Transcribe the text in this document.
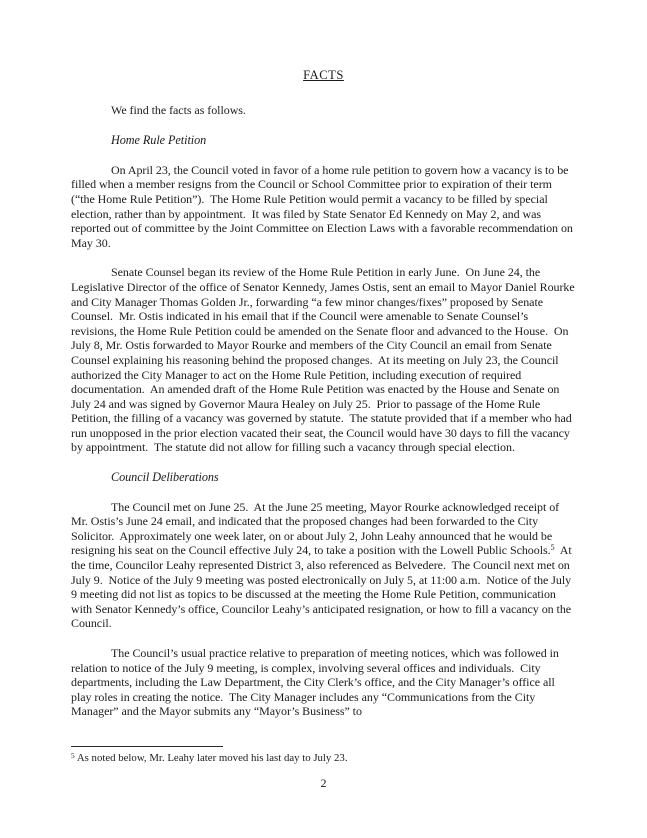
FACTS

We find the facts as follows.

Home Rule Petition

On April 23, the Council voted in favor of a home rule petition to govern how a vacancy is to be filled when a member resigns from the Council or School Committee prior to expiration of their term (“the Home Rule Petition”).  The Home Rule Petition would permit a vacancy to be filled by special election, rather than by appointment.  It was filed by State Senator Ed Kennedy on May 2, and was reported out of committee by the Joint Committee on Election Laws with a favorable recommendation on May 30.

Senate Counsel began its review of the Home Rule Petition in early June.  On June 24, the Legislative Director of the office of Senator Kennedy, James Ostis, sent an email to Mayor Daniel Rourke and City Manager Thomas Golden Jr., forwarding “a few minor changes/fixes” proposed by Senate Counsel.  Mr. Ostis indicated in his email that if the Council were amenable to Senate Counsel’s revisions, the Home Rule Petition could be amended on the Senate floor and advanced to the House.  On July 8, Mr. Ostis forwarded to Mayor Rourke and members of the City Council an email from Senate Counsel explaining his reasoning behind the proposed changes.  At its meeting on July 23, the Council authorized the City Manager to act on the Home Rule Petition, including execution of required documentation.  An amended draft of the Home Rule Petition was enacted by the House and Senate on July 24 and was signed by Governor Maura Healey on July 25.  Prior to passage of the Home Rule Petition, the filling of a vacancy was governed by statute.  The statute provided that if a member who had run unopposed in the prior election vacated their seat, the Council would have 30 days to fill the vacancy by appointment.  The statute did not allow for filling such a vacancy through special election.

Council Deliberations

The Council met on June 25.  At the June 25 meeting, Mayor Rourke acknowledged receipt of Mr. Ostis’s June 24 email, and indicated that the proposed changes had been forwarded to the City Solicitor.  Approximately one week later, on or about July 2, John Leahy announced that he would be resigning his seat on the Council effective July 24, to take a position with the Lowell Public Schools.$^5$  At the time, Councilor Leahy represented District 3, also referenced as Belvedere.  The Council next met on July 9.  Notice of the July 9 meeting was posted electronically on July 5, at 11:00 a.m.  Notice of the July 9 meeting did not list as topics to be discussed at the meeting the Home Rule Petition, communication with Senator Kennedy’s office, Councilor Leahy’s anticipated resignation, or how to fill a vacancy on the Council.

The Council’s usual practice relative to preparation of meeting notices, which was followed in relation to notice of the July 9 meeting, is complex, involving several offices and individuals.  City departments, including the Law Department, the City Clerk’s office, and the City Manager’s office all play roles in creating the notice.  The City Manager includes any “Communications from the City Manager” and the Mayor submits any “Mayor’s Business” to

$^5$ As noted below, Mr. Leahy later moved his last day to July 23.

2
